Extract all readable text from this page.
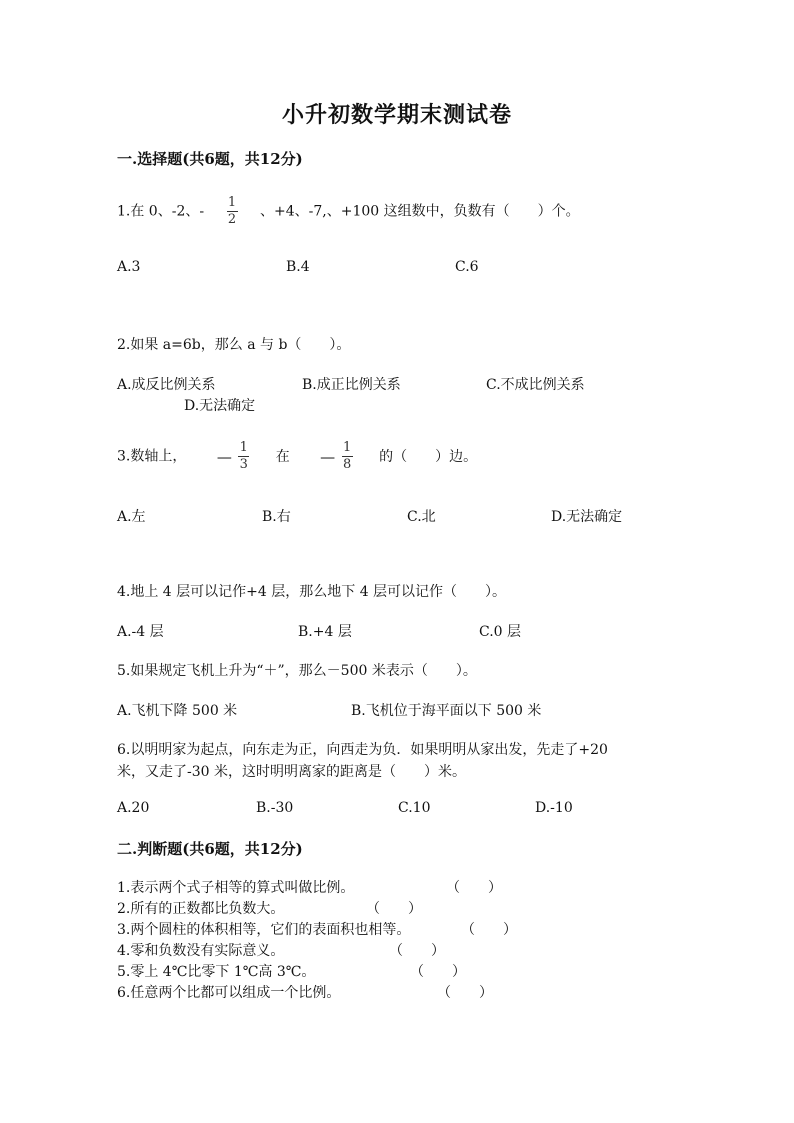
小升初数学期末测试卷
一.选择题(共6题，共12分)
1.在 0、-2、- $\frac{1}{2}$ 、+4、-7,、+100 这组数中，负数有（　　）个。
A.3	B.4	C.6
2.如果 a=6b，那么 a 与 b（　　）。
A.成反比例关系	B.成正比例关系	C.不成比例关系
D.无法确定
3.数轴上， — $\frac{1}{3}$ 在 — $\frac{1}{8}$ 的（　　）边。
A.左	B.右	C.北	D.无法确定
4.地上 4 层可以记作+4 层，那么地下 4 层可以记作（　　）。
A.-4 层	B.+4 层	C.0 层
5.如果规定飞机上升为“＋”，那么－500 米表示（　　）。
A.飞机下降 500 米	B.飞机位于海平面以下 500 米
6.以明明家为起点，向东走为正，向西走为负．如果明明从家出发，先走了+20
米，又走了-30 米，这时明明离家的距离是（　　）米。
A.20	B.-30	C.10	D.-10
二.判断题(共6题，共12分)
1.表示两个式子相等的算式叫做比例。	（　　）
2.所有的正数都比负数大。	（　　）
3.两个圆柱的体积相等，它们的表面积也相等。	（　　）
4.零和负数没有实际意义。	（　　）
5.零上 4℃比零下 1℃高 3℃。	（　　）
6.任意两个比都可以组成一个比例。	（　　）
